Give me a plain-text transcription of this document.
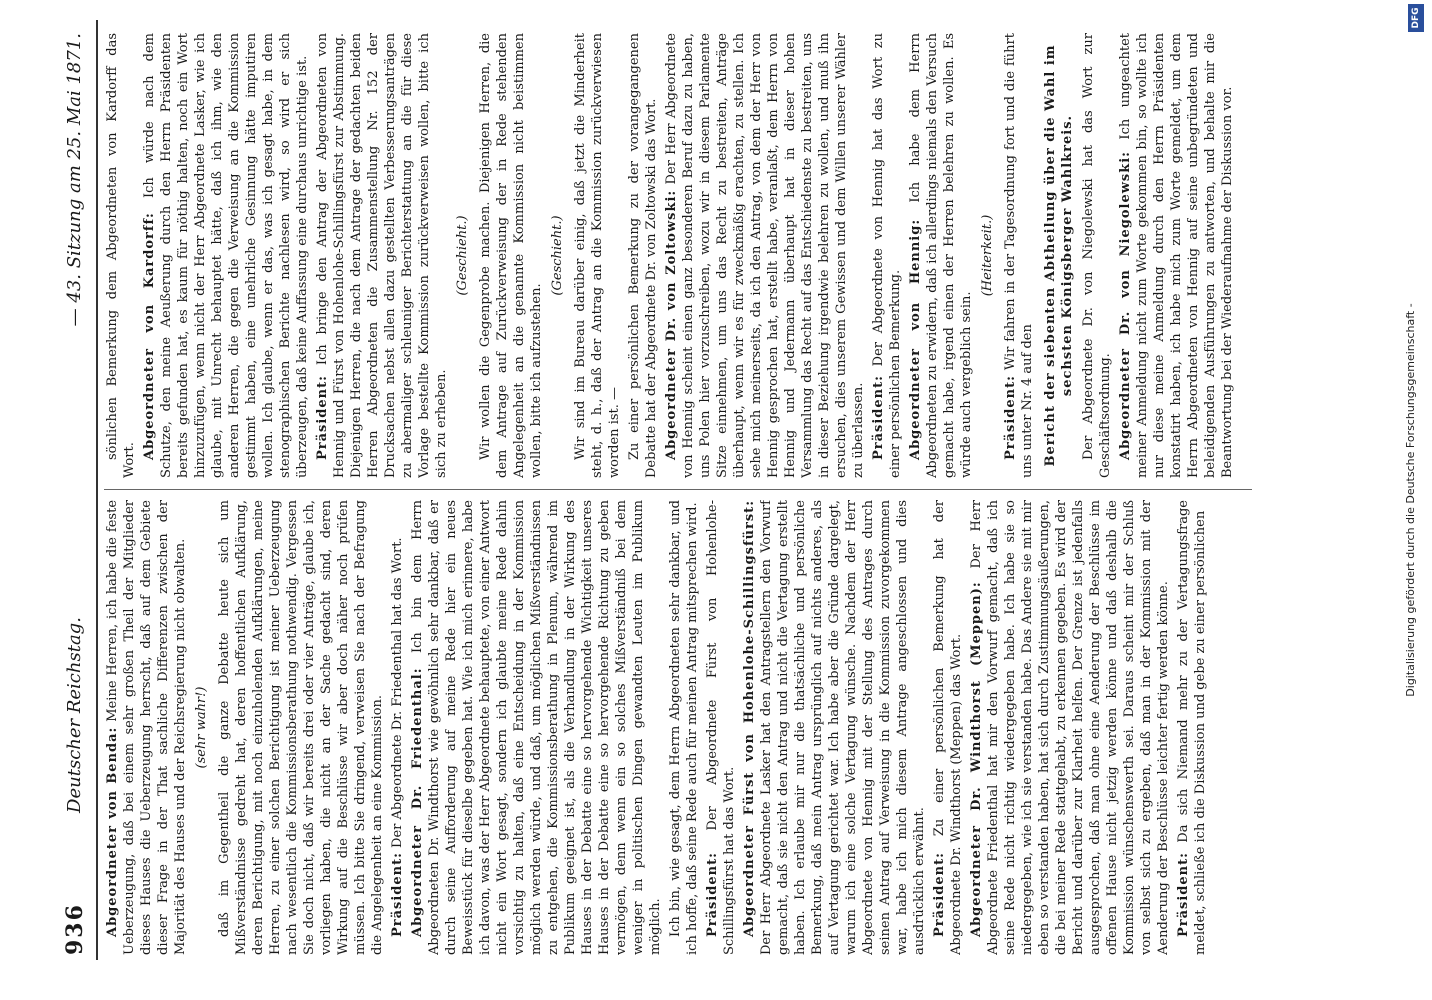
936
Deutscher Reichstag.
— 43. Sitzung am 25. Mai 1871.

Abgeordneter von Benda: Meine Herren, ich habe die feste Ueberzeugung, daß bei einem sehr großen Theil der Mitglieder dieses Hauses die Ueberzeugung herrscht, daß auf dem Gebiete dieser Frage in der That sachliche Differenzen zwischen der Majorität des Hauses und der Reichsregierung nicht obwalten. (sehr wahr!) daß im Gegentheil die ganze Debatte heute sich um Mißverständnisse gedreht hat, deren hoffentlichen Aufklärung, deren Berichtigung, mit noch einzuholenden Aufklärungen, meine Herren, zu einer solchen Berichtigung ist meiner Ueberzeugung nach wesentlich die Kommissionsberathung nothwendig. Vergessen Sie doch nicht, daß wir bereits drei oder vier Anträge, glaube ich, vorliegen haben, die nicht an der Sache gedacht sind, deren Wirkung auf die Beschlüsse wir aber doch näher noch prüfen müssen. Ich bitte Sie dringend, verweisen Sie nach der Befragung die Angelegenheit an eine Kommission. Präsident: Der Abgeordnete Dr. Friedenthal hat das Wort. Abgeordneter Dr. Friedenthal: Ich bin dem Herrn Abgeordneten Dr. Windthorst wie gewöhnlich sehr dankbar, daß er durch seine Aufforderung auf meine Rede hier ein neues Beweisstück für dieselbe gegeben hat. Wie ich mich erinnere, habe ich davon, was der Herr Abgeordnete behauptete, von einer Antwort nicht ein Wort gesagt, sondern ich glaubte meine Rede dahin vorsichtig zu halten, daß eine Entscheidung in der Kommission möglich werden würde, und daß, um möglichen Mißverständnissen zu entgehen, die Kommissionsberathung in Plenum, während im Publikum geeignet ist, als die Verhandlung in der Wirkung des Hauses in der Debatte eine so hervorgehende Wichtigkeit unseres Hauses in der Debatte eine so hervorgehende Richtung zu geben vermögen, denn wenn ein so solches Mißverständniß bei dem weniger in politischen Dingen gewandten Leuten im Publikum möglich. Ich bin, wie gesagt, dem Herrn Abgeordneten sehr dankbar, und ich hoffe, daß seine Rede auch für meinen Antrag mitsprechen wird. Präsident: Der Abgeordnete Fürst von Hohenlohe-Schillingsfürst hat das Wort. Abgeordneter Fürst von Hohenlohe-Schillingsfürst: Der Herr Abgeordnete Lasker hat den Antragstellern den Vorwurf gemacht, daß sie nicht den Antrag und nicht die Vertagung erstellt haben. Ich erlaube mir nur die thatsächliche und persönliche Bemerkung, daß mein Antrag ursprünglich auf nichts anderes, als auf Vertagung gerichtet war. Ich habe aber die Gründe dargelegt, warum ich eine solche Vertagung wünsche. Nachdem der Herr Abgeordnete von Hennig mit der Stellung des Antrages durch seinen Antrag auf Verweisung in die Kommission zuvorgekommen war, habe ich mich diesem Antrage angeschlossen und dies ausdrücklich erwähnt. Präsident: Zu einer persönlichen Bemerkung hat der Abgeordnete Dr. Windthorst (Meppen) das Wort. Abgeordneter Dr. Windthorst (Meppen): Der Herr Abgeordnete Friedenthal hat mir den Vorwurf gemacht, daß ich seine Rede nicht richtig wiedergegeben habe. Ich habe sie so niedergegeben, wie ich sie verstanden habe. Das Andere sie mit mir eben so verstanden haben, hat sich durch Zustimmungsäußerungen, die bei meiner Rede stattgehabt, zu erkennen gegeben. Es wird der Bericht und darüber zur Klarheit helfen. Der Grenze ist jedenfalls ausgesprochen, daß man ohne eine Aenderung der Beschlüsse im offenen Hause nicht jetzig werden könne und daß deshalb die Kommission wünschenswerth sei. Daraus scheint mir der Schluß von selbst sich zu ergeben, daß man in der Kommission mit der Aenderung der Beschlüsse leichter fertig werden könne. Präsident: Da sich Niemand mehr zu der Vertagungsfrage meldet, schließe ich die Diskussion und gebe zu einer persönlichen

sönlichen Bemerkung dem Abgeordneten von Kardorff das Wort.

Abgeordneter von Kardorff: Ich würde nach dem Schutze, den meine Aeußerung durch den Herrn Präsidenten bereits gefunden hat, es kaum für nöthig halten, noch ein Wort hinzuzufügen, wenn nicht der Herr Abgeordnete Lasker, wie ich glaube, mit Unrecht behauptet hätte, daß ich ihm, wie den anderen Herren, die gegen die Verweisung an die Kommission gestimmt haben, eine unehrliche Gesinnung hätte imputiren wollen. Ich glaube, wenn er das, was ich gesagt habe, in dem stenographischen Berichte nachlesen wird, so wird er sich überzeugen, daß keine Auffassung eine durchaus unrichtige ist. Präsident: Ich bringe den Antrag der Abgeordneten von Hennig und Fürst von Hohenlohe-Schillingsfürst zur Abstimmung. Diejenigen Herren, die nach dem Antrage der gedachten beiden Herren Abgeordneten die Zusammenstellung Nr. 152 der Drucksachen nebst allen dazu gestellten Verbesserungsanträgen zu abermaliger schleuniger Berichterstattung an die für diese Vorlage bestellte Kommission zurückverweisen wollen, bitte ich sich zu erheben.

(Geschieht.) Wir wollen die Gegenprobe machen. Diejenigen Herren, die dem Antrage auf Zurückverweisung der in Rede stehenden Angelegenheit an die genannte Kommission nicht beistimmen wollen, bitte ich aufzustehen.

(Geschieht.) Wir sind im Bureau darüber einig, daß jetzt die Minderheit steht, d. h., daß der Antrag an die Kommission zurückverwiesen worden ist. — Zu einer persönlichen Bemerkung zu der vorangegangenen Debatte hat der Abgeordnete Dr. von Zoltowski das Wort. Abgeordneter Dr. von Zoltowski: Der Herr Abgeordnete von Hennig scheint einen ganz besonderen Beruf dazu zu haben, uns Polen hier vorzuschreiben, wozu wir in diesem Parlamente Sitze einnehmen, um uns das Recht zu bestreiten, Anträge überhaupt, wenn wir es für zweckmäßig erachten, zu stellen. Ich sehe mich meinerseits, da ich den Antrag, von dem der Herr von Hennig gesprochen hat, erstellt habe, veranlaßt, dem Herrn von Hennig und Jedermann überhaupt hat in dieser hohen Versammlung das Recht auf das Entschiedenste zu bestreiten, uns in dieser Beziehung irgendwie belehren zu wollen, und muß ihn ersuchen, dies unserem Gewissen und dem Willen unserer Wähler zu überlassen. Präsident: Der Abgeordnete von Hennig hat das Wort zu einer persönlichen Bemerkung. Abgeordneter von Hennig: Ich habe dem Herrn Abgeordneten zu erwidern, daß ich allerdings niemals den Versuch gemacht habe, irgend einen der Herren belehren zu wollen. Es würde auch vergeblich sein.

(Heiterkeit.)

Präsident: Wir fahren in der Tagesordnung fort und die führt uns unter Nr. 4 auf den Bericht der siebenten Abtheilung über die Wahl im sechsten Königsberger Wahlkreis. Der Abgeordnete Dr. von Niegolewski hat das Wort zur Geschäftsordnung. Abgeordneter Dr. von Niegolewski: Ich ungeachtet meiner Anmeldung nicht zum Worte gekommen bin, so wollte ich nur diese meine Anmeldung durch den Herrn Präsidenten konstatirt haben, ich habe mich zum Worte gemeldet, um dem Herrn Abgeordneten von Hennig auf seine unbegründeten und beleidigenden Ausführungen zu antworten, und behalte mir die Beantwortung bei der Wiederaufnahme der Diskussion vor.

Digitalisierung gefördert durch die Deutsche Forschungsgemeinschaft -
DFG
